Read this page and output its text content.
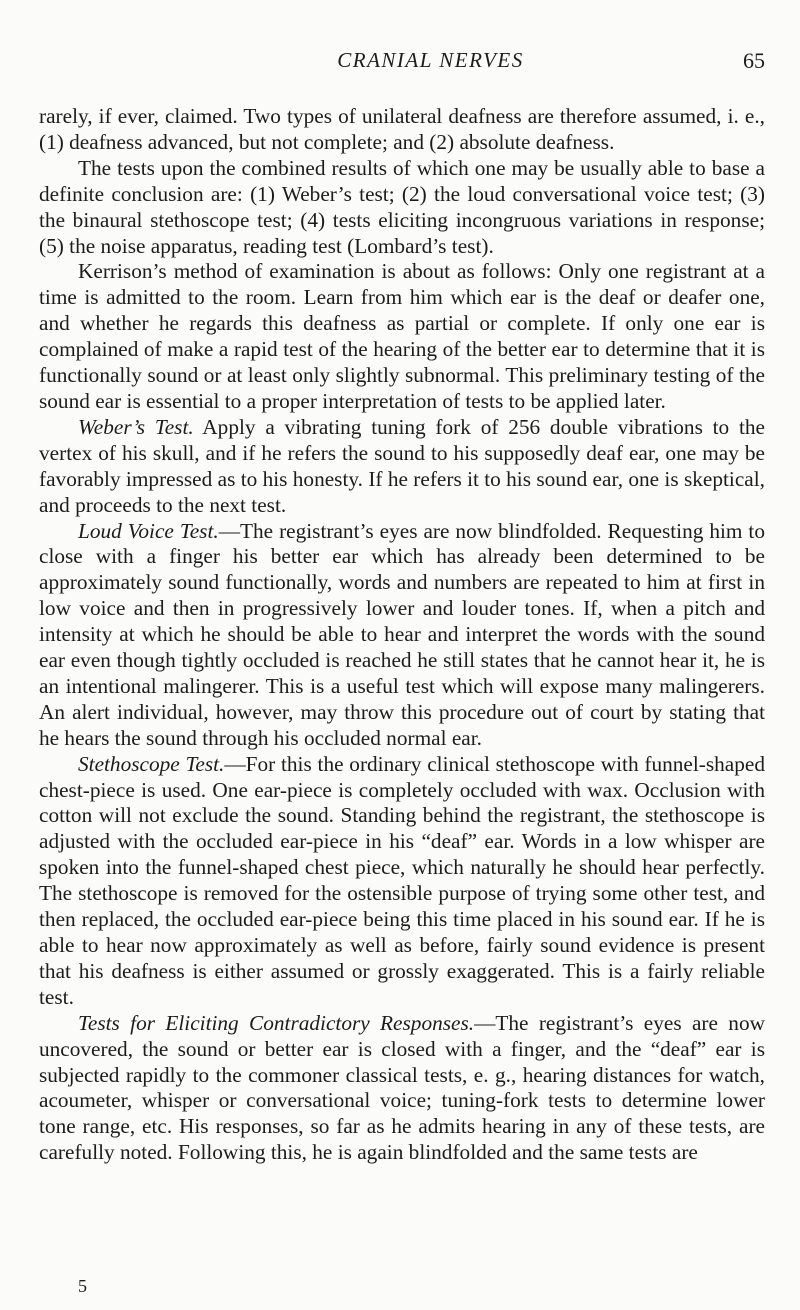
CRANIAL NERVES	65

rarely, if ever, claimed. Two types of unilateral deafness are therefore assumed, i. e., (1) deafness advanced, but not complete; and (2) absolute deafness.

The tests upon the combined results of which one may be usually able to base a definite conclusion are: (1) Weber’s test; (2) the loud conversational voice test; (3) the binaural stethoscope test; (4) tests eliciting incongruous variations in response; (5) the noise apparatus, reading test (Lombard’s test).

Kerrison’s method of examination is about as follows: Only one registrant at a time is admitted to the room. Learn from him which ear is the deaf or deafer one, and whether he regards this deafness as partial or complete. If only one ear is complained of make a rapid test of the hearing of the better ear to determine that it is functionally sound or at least only slightly subnormal. This preliminary testing of the sound ear is essential to a proper interpretation of tests to be applied later.

Weber’s Test. Apply a vibrating tuning fork of 256 double vibrations to the vertex of his skull, and if he refers the sound to his supposedly deaf ear, one may be favorably impressed as to his honesty. If he refers it to his sound ear, one is skeptical, and proceeds to the next test.

Loud Voice Test.—The registrant’s eyes are now blindfolded. Requesting him to close with a finger his better ear which has already been determined to be approximately sound functionally, words and numbers are repeated to him at first in low voice and then in progressively lower and louder tones. If, when a pitch and intensity at which he should be able to hear and interpret the words with the sound ear even though tightly occluded is reached he still states that he cannot hear it, he is an intentional malingerer. This is a useful test which will expose many malingerers. An alert individual, however, may throw this procedure out of court by stating that he hears the sound through his occluded normal ear.

Stethoscope Test.—For this the ordinary clinical stethoscope with funnel-shaped chest-piece is used. One ear-piece is completely occluded with wax. Occlusion with cotton will not exclude the sound. Standing behind the registrant, the stethoscope is adjusted with the occluded ear-piece in his “deaf” ear. Words in a low whisper are spoken into the funnel-shaped chest piece, which naturally he should hear perfectly. The stethoscope is removed for the ostensible purpose of trying some other test, and then replaced, the occluded ear-piece being this time placed in his sound ear. If he is able to hear now approximately as well as before, fairly sound evidence is present that his deafness is either assumed or grossly exaggerated. This is a fairly reliable test.

Tests for Eliciting Contradictory Responses.—The registrant’s eyes are now uncovered, the sound or better ear is closed with a finger, and the “deaf” ear is subjected rapidly to the commoner classical tests, e. g., hearing distances for watch, acoumeter, whisper or conversational voice; tuning-fork tests to determine lower tone range, etc. His responses, so far as he admits hearing in any of these tests, are carefully noted. Following this, he is again blindfolded and the same tests are

5
